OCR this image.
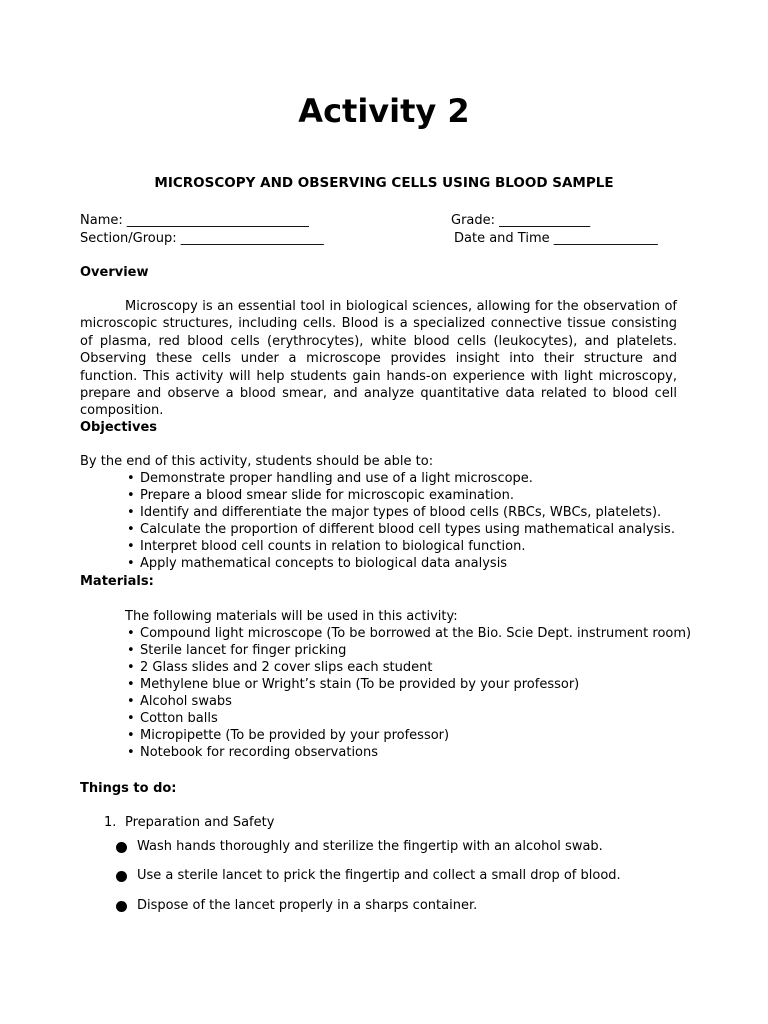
Activity 2
MICROSCOPY AND OBSERVING CELLS USING BLOOD SAMPLE
Name: ____________________________	Grade: ______________
Section/Group: ______________________	Date and Time ________________
Overview
Microscopy is an essential tool in biological sciences, allowing for the observation of microscopic structures, including cells. Blood is a specialized connective tissue consisting of plasma, red blood cells (erythrocytes), white blood cells (leukocytes), and platelets. Observing these cells under a microscope provides insight into their structure and function. This activity will help students gain hands-on experience with light microscopy, prepare and observe a blood smear, and analyze quantitative data related to blood cell composition.
Objectives
By the end of this activity, students should be able to:
• Demonstrate proper handling and use of a light microscope.
• Prepare a blood smear slide for microscopic examination.
• Identify and differentiate the major types of blood cells (RBCs, WBCs, platelets).
• Calculate the proportion of different blood cell types using mathematical analysis.
• Interpret blood cell counts in relation to biological function.
• Apply mathematical concepts to biological data analysis
Materials:
The following materials will be used in this activity:
• Compound light microscope (To be borrowed at the Bio. Scie Dept. instrument room)
• Sterile lancet for finger pricking
• 2 Glass slides and 2 cover slips each student
• Methylene blue or Wright’s stain (To be provided by your professor)
• Alcohol swabs
• Cotton balls
• Micropipette (To be provided by your professor)
• Notebook for recording observations
Things to do:
1. Preparation and Safety
Wash hands thoroughly and sterilize the fingertip with an alcohol swab.
Use a sterile lancet to prick the fingertip and collect a small drop of blood.
Dispose of the lancet properly in a sharps container.
